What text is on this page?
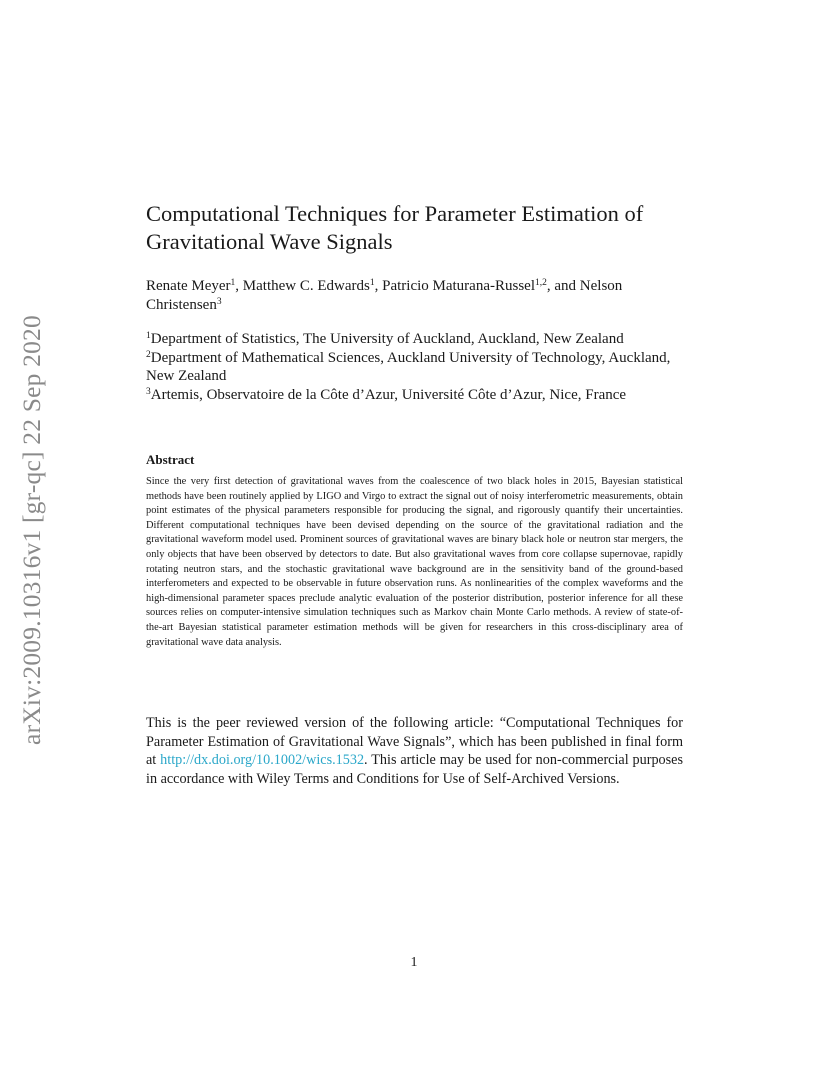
arXiv:2009.10316v1 [gr-qc] 22 Sep 2020
Computational Techniques for Parameter Estimation of Gravitational Wave Signals
Renate Meyer$^1$, Matthew C. Edwards$^1$, Patricio Maturana-Russel$^{1,2}$, and Nelson Christensen$^3$
$^1$Department of Statistics, The University of Auckland, Auckland, New Zealand
$^2$Department of Mathematical Sciences, Auckland University of Technology, Auckland, New Zealand
$^3$Artemis, Observatoire de la Côte d’Azur, Université Côte d’Azur, Nice, France
Abstract

Since the very first detection of gravitational waves from the coalescence of two black holes in 2015, Bayesian statistical methods have been routinely applied by LIGO and Virgo to extract the signal out of noisy interferometric measurements, obtain point estimates of the physical parameters responsible for producing the signal, and rigorously quantify their uncertainties. Different computational techniques have been devised depending on the source of the gravitational radiation and the gravitational waveform model used. Prominent sources of gravitational waves are binary black hole or neutron star mergers, the only objects that have been observed by detectors to date. But also gravitational waves from core collapse supernovae, rapidly rotating neutron stars, and the stochastic gravitational wave background are in the sensitivity band of the ground-based interferometers and expected to be observable in future observation runs. As nonlinearities of the complex waveforms and the high-dimensional parameter spaces preclude analytic evaluation of the posterior distribution, posterior inference for all these sources relies on computer-intensive simulation techniques such as Markov chain Monte Carlo methods. A review of state-of-the-art Bayesian statistical parameter estimation methods will be given for researchers in this cross-disciplinary area of gravitational wave data analysis.

This is the peer reviewed version of the following article: “Computational Techniques for Parameter Estimation of Gravitational Wave Signals”, which has been published in final form at http://dx.doi.org/10.1002/wics.1532. This article may be used for non-commercial purposes in accordance with Wiley Terms and Conditions for Use of Self-Archived Versions.

1
